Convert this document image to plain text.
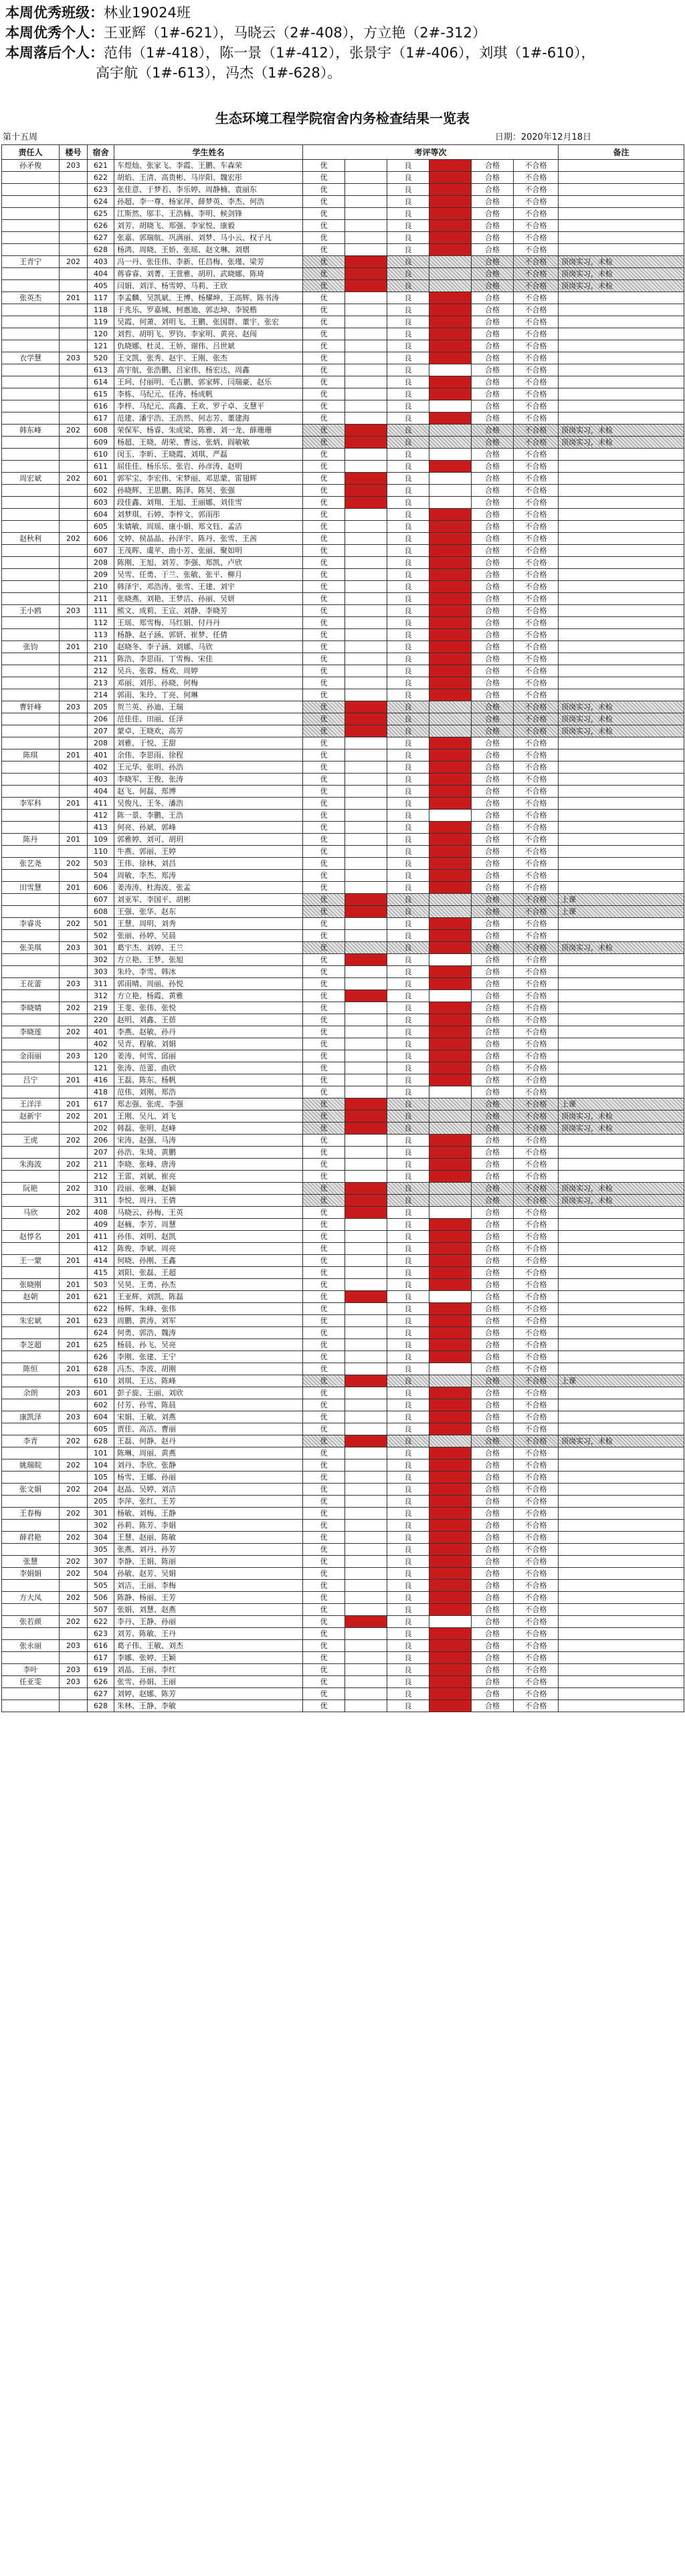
本周优秀班级： 林业19024班
本周优秀个人： 王亚辉（1#-621），马晓云（2#-408），方立艳（2#-312）
本周落后个人： 范伟（1#-418），陈一景（1#-412），张景宇（1#-406），刘琪（1#-610），
高宇航（1#-613），冯杰（1#-628）。
生态环境工程学院宿舍内务检查结果一览表
第十五周	日期：2020年12月18日
责任人	楼号	宿舍	学生姓名	考评等次	备注
孙矛俊	203	621	车煜灿、张家飞、李霞、王鹏、车森荣	优	良	合格	不合格
622	胡焰、王清、高贵彬、马岸阳、魏宏彤	优	良	合格	不合格
623	张佳意、于梦若、李乐婷、周静楠、袁丽东	优	良	合格	不合格
624	孙超、李一尊、杨家萍、薛梦英、李杰、何浩	优	良	合格	不合格
625	江斯然、邬丰、王浩楠、李明、候剑锋	优	良	合格	不合格
626	刘芳、胡晓飞、郑强、李家悦、康毅	优	良	合格	不合格
627	张嘉、郭瑞航、巩满丽、刘梦、马小云、权子凡	优	良	合格	不合格
628	杨鸿、周晓、王娇、张瑶、赵文琳、刘熠	优	良	合格	不合格
王青宁	202	403	冯一丹、张佳伟、李新、任昌梅、张瑾、梁芳	优	良	合格	不合格	顶岗实习，未检
404	蒋睿睿、刘菁、王萱雅、胡玥、武晓娜、陈琦	优	良	合格	不合格	顶岗实习，未检
405	闫娟、刘洋、杨雪婷、马莉、王欣	优	良	合格	不合格	顶岗实习，未检
张英杰	201	117	李孟麟、吴凯斌、王博、杨耀坤、王高辉、陈书涛	优	良	合格	不合格
118	于兆乐、罗嘉城、柯惠迪、郭志坤、李锐楷	优	良	合格	不合格
119	吴霞、何萧、刘明飞、王鹏、张国群、董宇、张宏	优	良	合格	不合格
120	刘哲、胡明飞、罗钧、李家明、黄亮、赵闯	优	良	合格	不合格
121	仇晓娜、杜灵、王娇、谢伟、吕世斌	优	良	合格	不合格
衣学慧	203	520	王文凯、张秀、赵宇、王刚、张杰	优	良	合格	不合格
613	高宇航、张浩鹏、吕家伟、杨宏达、周鑫	优	良	合格	不合格
614	王珂、付丽明、毛吉鹏、郭家辉、闫瑞豪、赵乐	优	良	合格	不合格
615	李栋、马纪元、任涛、杨成帆	优	良	合格	不合格
616	李梓、马纪元、高鑫、王欢、罗子卓、支慧平	优	良	合格	不合格
617	范建、潘宇浩、王浩然、何志芳、董建海	优	良	合格	不合格
韩东峰	202	608	荣保军、杨睿、朱成梁、陈雅、刘一龙、薛珊珊	优	良	合格	不合格	顶岗实习，未检
609	杨超、王晓、胡荣、曹远、张炳、阎敏敏	优	良	合格	不合格	顶岗实习，未检
610	闵玉、李昕、王晓霞、刘琪、严磊	优	良	合格	不合格
611	屈佳佳、杨乐乐、张岩、孙彦涛、赵明	优	良	合格	不合格
周宏斌	202	601	郭军宝、李宏伟、宋梦丽、邓思蒙、雷翅辉	优	良	合格	不合格
602	孙晓辉、王思鹏、陈泽、陈昊、张强	优	良	合格	不合格
603	段佳鑫、刘翔、王旭、王丽娜、刘佳雪	优	良	合格	不合格
604	刘梦琪、石婷、李梓文、郭雨彤	优	良	合格	不合格
605	朱婧敏、周瑶、康小娟、郑文钰、孟洁	优	良	合格	不合格
赵秋利	202	606	文婷、侯晶晶、孙泽宇、陈丹、张雪、王茜	优	良	合格	不合格
607	王茂晖、虞苹、曲小芳、张丽、聚如明	优	良	合格	不合格
208	陈刚、王旭、刘芳、李强、郑凯、卢欣	优	良	合格	不合格
209	吴雪、任勇、于兰、张敏、张平、柳月	优	良	合格	不合格
210	韩泽宇、邓浩涛、张雪、王建、刘宇	优	良	合格	不合格
211	张晓燕、刘艳、王梦洁、孙丽、吴妍	优	良	合格	不合格
王小鸥	203	111	熊文、成莉、王宣、刘静、李晓芳	优	良	合格	不合格
112	王瑶、郑雪梅、马红娟、付丹丹	优	良	合格	不合格
113	杨静、赵子涵、郭妍、崔梦、任倩	优	良	合格	不合格
张钧	201	210	赵晓冬、李子涵、刘娜、马欣	优	良	合格	不合格
211	陈浩、李思雨、丁雪梅、宋佳	优	良	合格	不合格
212	吴兵、张蓉、杨欢、周婷	优	良	合格	不合格
213	邓丽、刘彤、孙晓、何梅	优	良	合格	不合格
214	郭雨、朱玲、丁亮、何琳	优	良	合格	不合格
曹轩峰	203	205	贺兰英、孙迪、王瑞	优	良	合格	不合格	顶岗实习，未检
206	范佳佳、田丽、任泽	优	良	合格	不合格	顶岗实习，未检
207	蒙卓、王晓欢、高芳	优	良	合格	不合格	顶岗实习，未检
208	刘雅、于悦、王甜	优	良	合格	不合格
陈琪	201	401	余伟、李思雨、徐程	优	良	合格	不合格
402	王元华、张明、孙浩	优	良	合格	不合格
403	李晓军、王俊、张涛	优	良	合格	不合格
404	赵飞、何磊、郑博	优	良	合格	不合格
李军科	201	411	吴俊凡、王冬、潘浩	优	良	合格	不合格
412	陈一景、李鹏、王浩	优	良	合格	不合格
413	何亮、孙斌、郭峰	优	良	合格	不合格
陈丹	201	109	郭雅婷、刘可、胡玥	优	良	合格	不合格
110	牛燕、郭丽、王婷	优	良	合格	不合格
张艺尧	202	503	王伟、徐林、刘昌	优	良	合格	不合格
504	周敏、李杰、郑涛	优	良	合格	不合格
田雪慧	201	606	姜涛涛、杜海波、张孟	优	良	合格	不合格
607	刘亚军、李国平、胡彬	优	良	合格	不合格	上课
608	王强、张华、赵东	优	良	合格	不合格	上课
李睿炎	202	501	王慧、周明、刘秀	优	良	合格	不合格
502	张丽、孙婷、吴晨	优	良	合格	不合格
张美琪	203	301	葛宇杰、刘婷、王兰	优	良	合格	不合格	顶岗实习，未检
302	方立艳、王梦、张旭	优	良	合格	不合格
303	朱玲、李雪、韩冰	优	良	合格	不合格
王花蕾	203	311	郭雨晴、周丽、孙悦	优	良	合格	不合格
312	方立艳、杨霞、黄雅	优	良	合格	不合格
李晓婧	202	219	王斐、张伟、张悦	优	良	合格	不合格
220	赵明、刘鑫、王蓓	优	良	合格	不合格
李晓莲	202	401	李燕、赵敏、孙丹	优	良	合格	不合格
402	吴青、程敏、刘娟	优	良	合格	不合格
金雨丽	203	120	姜涛、何雪、邱丽	优	良	合格	不合格
121	张涛、范蕾、曲欣	优	良	合格	不合格
吕宁	201	416	王磊、陈东、杨帆	优	良	合格	不合格
418	范伟、刘刚、郑浩	优	良	合格	不合格
王洋洋	201	617	郑志强、张虎、李强	优	良	合格	不合格	上课
赵新宇	202	201	王刚、吴凡、刘飞	优	良	合格	不合格	顶岗实习，未检
202	韩磊、张明、赵峰	优	良	合格	不合格	顶岗实习，未检
王虎	202	206	宋涛、赵强、马涛	优	良	合格	不合格
207	孙浩、朱琦、黄鹏	优	良	合格	不合格
朱海波	202	211	李晓、张峰、唐涛	优	良	合格	不合格
212	王雷、刘斌、崔亮	优	良	合格	不合格
阮艳	202	310	段丽、张琳、赵颖	优	良	合格	不合格	顶岗实习，未检
311	李悦、周丹、王倩	优	良	合格	不合格	顶岗实习，未检
马欣	202	408	马晓云、孙梅、王英	优	良	合格	不合格
409	赵楠、李芳、周慧	优	良	合格	不合格
赵惇名	201	411	孙伟、刘明、赵凯	优	良	合格	不合格
412	陈俊、李斌、周亮	优	良	合格	不合格
王一蒙	201	414	何晓、孙刚、王鑫	优	良	合格	不合格
415	刘阳、张磊、王超	优	良	合格	不合格
张晓刚	201	503	吴昊、王勇、孙杰	优	良	合格	不合格
赵朝	201	621	王亚辉、刘凯、陈磊	优	良	合格	不合格
622	杨辉、朱峰、张伟	优	良	合格	不合格
朱宏斌	201	623	周鹏、黄涛、刘军	优	良	合格	不合格
624	何勇、郭浩、魏涛	优	良	合格	不合格
李芝超	201	625	杨晨、孙飞、吴亮	优	良	合格	不合格
626	李刚、张建、王宁	优	良	合格	不合格
陈恒	201	628	冯杰、李波、胡刚	优	良	合格	不合格
610	刘琪、王达、陈峰	优	良	合格	不合格	上课
余朗	203	601	彭子旋、王丽、刘欣	优	良	合格	不合格
602	付芳、孙雪、陈晨	优	良	合格	不合格
康凯泽	203	604	宋娟、王敏、刘燕	优	良	合格	不合格
605	贾佳、高洁、曹丽	优	良	合格	不合格
李青	202	628	王磊、何静、赵丹	优	良	合格	不合格	顶岗实习，未检
101	陈琳、周丽、黄燕	优	良	合格	不合格
姚瑞皖	202	104	刘丹、李欣、张静	优	良	合格	不合格
105	杨雪、王娜、孙丽	优	良	合格	不合格
张文娟	202	204	赵晶、吴婷、刘洁	优	良	合格	不合格
205	李萍、张红、王芳	优	良	合格	不合格
王春梅	202	301	杨敏、刘梅、王静	优	良	合格	不合格
302	孙莉、陈芳、李娟	优	良	合格	不合格
薛君艳	202	304	王慧、赵丽、陈敏	优	良	合格	不合格
305	张燕、刘丹、孙芳	优	良	合格	不合格
张慧	202	307	李静、王娟、陈丽	优	良	合格	不合格
李娟娟	202	504	孙敏、赵芳、吴娟	优	良	合格	不合格
505	刘洁、王丽、李梅	优	良	合格	不合格
方大凤	202	506	陈静、杨丽、王芳	优	良	合格	不合格
507	张娟、刘慧、赵燕	优	良	合格	不合格
张若颜	202	622	李丹、王静、孙丽	优	良	合格	不合格
623	刘芳、陈敏、王丹	优	良	合格	不合格
张永丽	203	616	葛子伟、王敏、刘杰	优	良	合格	不合格
617	李娜、张婷、王颖	优	良	合格	不合格
李叶	203	619	刘晶、王丽、李红	优	良	合格	不合格
任亚雯	203	626	张雪、孙娟、王丽	优	良	合格	不合格
627	刘婷、赵娜、陈芳	优	良	合格	不合格
628	朱林、王静、李敏	优	良	合格	不合格
